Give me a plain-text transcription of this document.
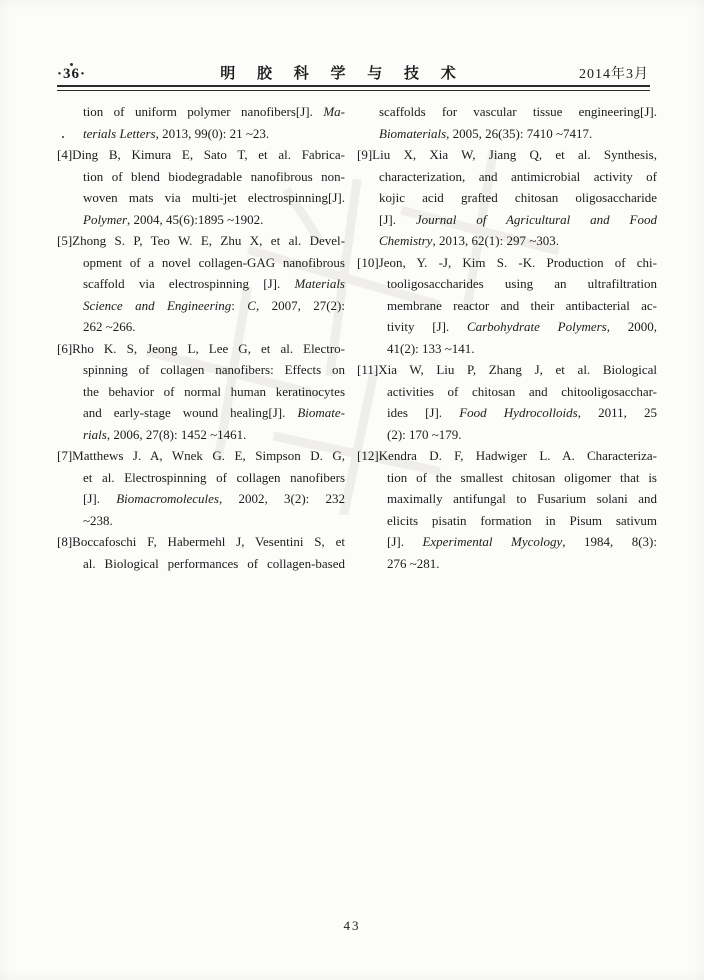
·36·	明 胶 科 学 与 技 术	2014年3月
tion of uniform polymer nanofibers[J]. Ma-
terials Letters, 2013, 99(0): 21 ~23.
[4]Ding B, Kimura E, Sato T, et al. Fabrica-
tion of blend biodegradable nanofibrous non-
woven mats via multi-jet electrospinning[J].
Polymer, 2004, 45(6):1895 ~1902.
[5]Zhong S. P, Teo W. E, Zhu X, et al. Devel-
opment of a novel collagen-GAG nanofibrous
scaffold via electrospinning [J]. Materials
Science and Engineering: C, 2007, 27(2):
262 ~266.
[6]Rho K. S, Jeong L, Lee G, et al. Electro-
spinning of collagen nanofibers: Effects on
the behavior of normal human keratinocytes
and early-stage wound healing[J]. Biomate-
rials, 2006, 27(8): 1452 ~1461.
[7]Matthews J. A, Wnek G. E, Simpson D. G,
et al. Electrospinning of collagen nanofibers
[J]. Biomacromolecules, 2002, 3(2): 232
~238.
[8]Boccafoschi F, Habermehl J, Vesentini S, et
al. Biological performances of collagen-based
scaffolds for vascular tissue engineering[J].
Biomaterials, 2005, 26(35): 7410 ~7417.
[9]Liu X, Xia W, Jiang Q, et al. Synthesis,
characterization, and antimicrobial activity of
kojic acid grafted chitosan oligosaccharide
[J]. Journal of Agricultural and Food
Chemistry, 2013, 62(1): 297 ~303.
[10]Jeon, Y. -J, Kim S. -K. Production of chi-
tooligosaccharides using an ultrafiltration
membrane reactor and their antibacterial ac-
tivity [J]. Carbohydrate Polymers, 2000,
41(2): 133 ~141.
[11]Xia W, Liu P, Zhang J, et al. Biological
activities of chitosan and chitooligosacchar-
ides [J]. Food Hydrocolloids, 2011, 25
(2): 170 ~179.
[12]Kendra D. F, Hadwiger L. A. Characteriza-
tion of the smallest chitosan oligomer that is
maximally antifungal to Fusarium solani and
elicits pisatin formation in Pisum sativum
[J]. Experimental Mycology, 1984, 8(3):
276 ~281.
43
